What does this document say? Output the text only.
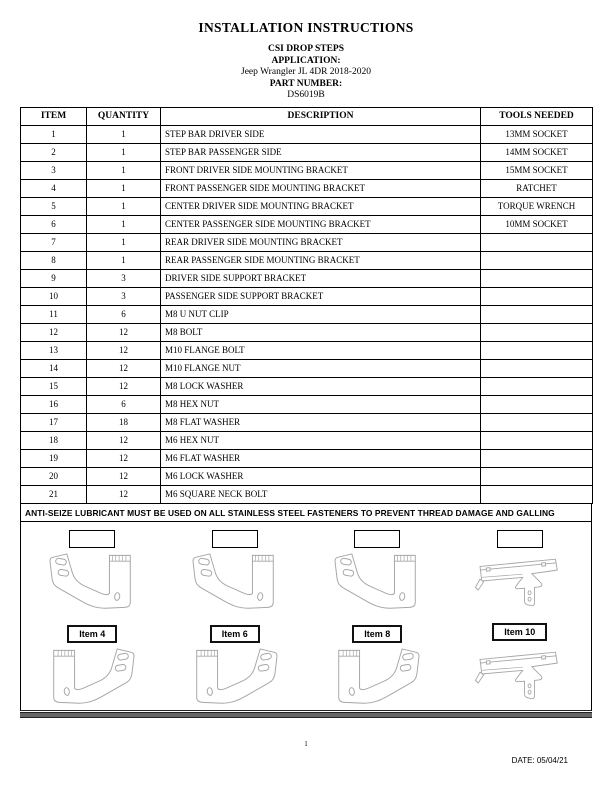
INSTALLATION INSTRUCTIONS
CSI DROP STEPS
APPLICATION:
Jeep Wrangler JL 4DR 2018-2020
PART NUMBER:
DS6019B
ITEM	QUANTITY	DESCRIPTION	TOOLS NEEDED
1	1	STEP BAR DRIVER SIDE	13MM SOCKET
2	1	STEP BAR PASSENGER SIDE	14MM SOCKET
3	1	FRONT DRIVER SIDE MOUNTING BRACKET	15MM SOCKET
4	1	FRONT PASSENGER SIDE MOUNTING BRACKET	RATCHET
5	1	CENTER DRIVER SIDE MOUNTING BRACKET	TORQUE WRENCH
6	1	CENTER PASSENGER SIDE MOUNTING BRACKET	10MM SOCKET
7	1	REAR DRIVER SIDE MOUNTING BRACKET	
8	1	REAR PASSENGER SIDE MOUNTING BRACKET	
9	3	DRIVER SIDE SUPPORT BRACKET	
10	3	PASSENGER SIDE SUPPORT BRACKET	
11	6	M8 U NUT CLIP	
12	12	M8 BOLT	
13	12	M10 FLANGE BOLT	
14	12	M10 FLANGE NUT	
15	12	M8 LOCK WASHER	
16	6	M8 HEX NUT	
17	18	M8 FLAT WASHER	
18	12	M6 HEX NUT	
19	12	M6 FLAT WASHER	
20	12	M6 LOCK WASHER	
21	12	M6 SQUARE NECK BOLT	
ANTI-SEIZE LUBRICANT MUST BE USED ON ALL STAINLESS STEEL FASTENERS TO PREVENT THREAD DAMAGE AND GALLING
Item 4	Item 6	Item 8	Item 10
1
DATE: 05/04/21
